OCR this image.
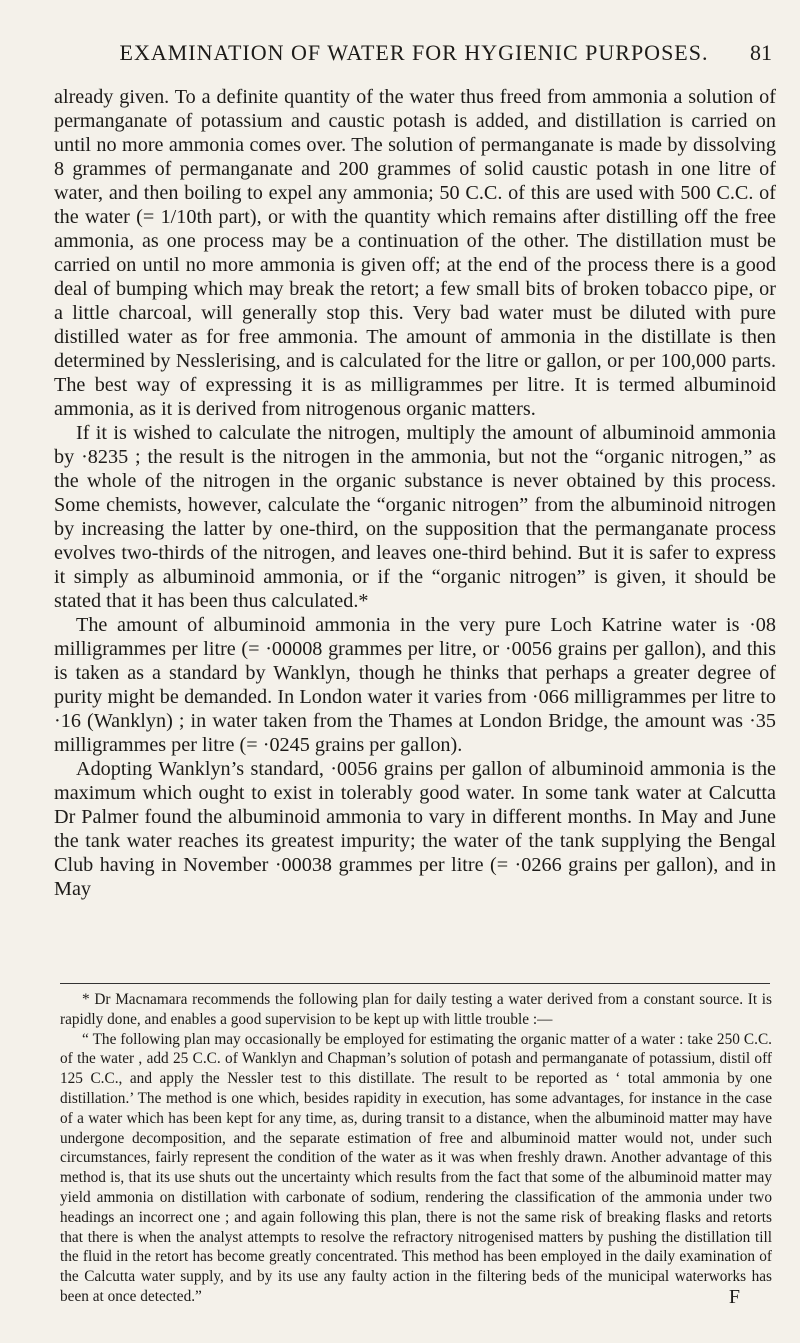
EXAMINATION OF WATER FOR HYGIENIC PURPOSES.	81

already given. To a definite quantity of the water thus freed from ammonia a solution of permanganate of potassium and caustic potash is added, and distillation is carried on until no more ammonia comes over. The solution of permanganate is made by dissolving 8 grammes of permanganate and 200 grammes of solid caustic potash in one litre of water, and then boiling to expel any ammonia; 50 C.C. of this are used with 500 C.C. of the water (= 1/10th part), or with the quantity which remains after distilling off the free ammonia, as one process may be a continuation of the other. The distillation must be carried on until no more ammonia is given off; at the end of the process there is a good deal of bumping which may break the retort; a few small bits of broken tobacco pipe, or a little charcoal, will generally stop this. Very bad water must be diluted with pure distilled water as for free ammonia. The amount of ammonia in the distillate is then determined by Nesslerising, and is calculated for the litre or gallon, or per 100,000 parts. The best way of expressing it is as milligrammes per litre. It is termed albuminoid ammonia, as it is derived from nitrogenous organic matters.

If it is wished to calculate the nitrogen, multiply the amount of albuminoid ammonia by ·8235 ; the result is the nitrogen in the ammonia, but not the “organic nitrogen,” as the whole of the nitrogen in the organic substance is never obtained by this process. Some chemists, however, calculate the “organic nitrogen” from the albuminoid nitrogen by increasing the latter by one-third, on the supposition that the permanganate process evolves two-thirds of the nitrogen, and leaves one-third behind. But it is safer to express it simply as albuminoid ammonia, or if the “organic nitrogen” is given, it should be stated that it has been thus calculated.*

The amount of albuminoid ammonia in the very pure Loch Katrine water is ·08 milligrammes per litre (= ·00008 grammes per litre, or ·0056 grains per gallon), and this is taken as a standard by Wanklyn, though he thinks that perhaps a greater degree of purity might be demanded. In London water it varies from ·066 milligrammes per litre to ·16 (Wanklyn) ; in water taken from the Thames at London Bridge, the amount was ·35 milligrammes per litre (= ·0245 grains per gallon).

Adopting Wanklyn’s standard, ·0056 grains per gallon of albuminoid ammonia is the maximum which ought to exist in tolerably good water. In some tank water at Calcutta Dr Palmer found the albuminoid ammonia to vary in different months. In May and June the tank water reaches its greatest impurity; the water of the tank supplying the Bengal Club having in November ·00038 grammes per litre (= ·0266 grains per gallon), and in May

* Dr Macnamara recommends the following plan for daily testing a water derived from a constant source. It is rapidly done, and enables a good supervision to be kept up with little trouble :—

“ The following plan may occasionally be employed for estimating the organic matter of a water : take 250 C.C. of the water , add 25 C.C. of Wanklyn and Chapman’s solution of potash and permanganate of potassium, distil off 125 C.C., and apply the Nessler test to this distillate. The result to be reported as ‘ total ammonia by one distillation.’ The method is one which, besides rapidity in execution, has some advantages, for instance in the case of a water which has been kept for any time, as, during transit to a distance, when the albuminoid matter may have undergone decomposition, and the separate estimation of free and albuminoid matter would not, under such circumstances, fairly represent the condition of the water as it was when freshly drawn. Another advantage of this method is, that its use shuts out the uncertainty which results from the fact that some of the albuminoid matter may yield ammonia on distillation with carbonate of sodium, rendering the classification of the ammonia under two headings an incorrect one ; and again following this plan, there is not the same risk of breaking flasks and retorts that there is when the analyst attempts to resolve the refractory nitrogenised matters by pushing the distillation till the fluid in the retort has become greatly concentrated. This method has been employed in the daily examination of the Calcutta water supply, and by its use any faulty action in the filtering beds of the municipal waterworks has been at once detected.”	F
